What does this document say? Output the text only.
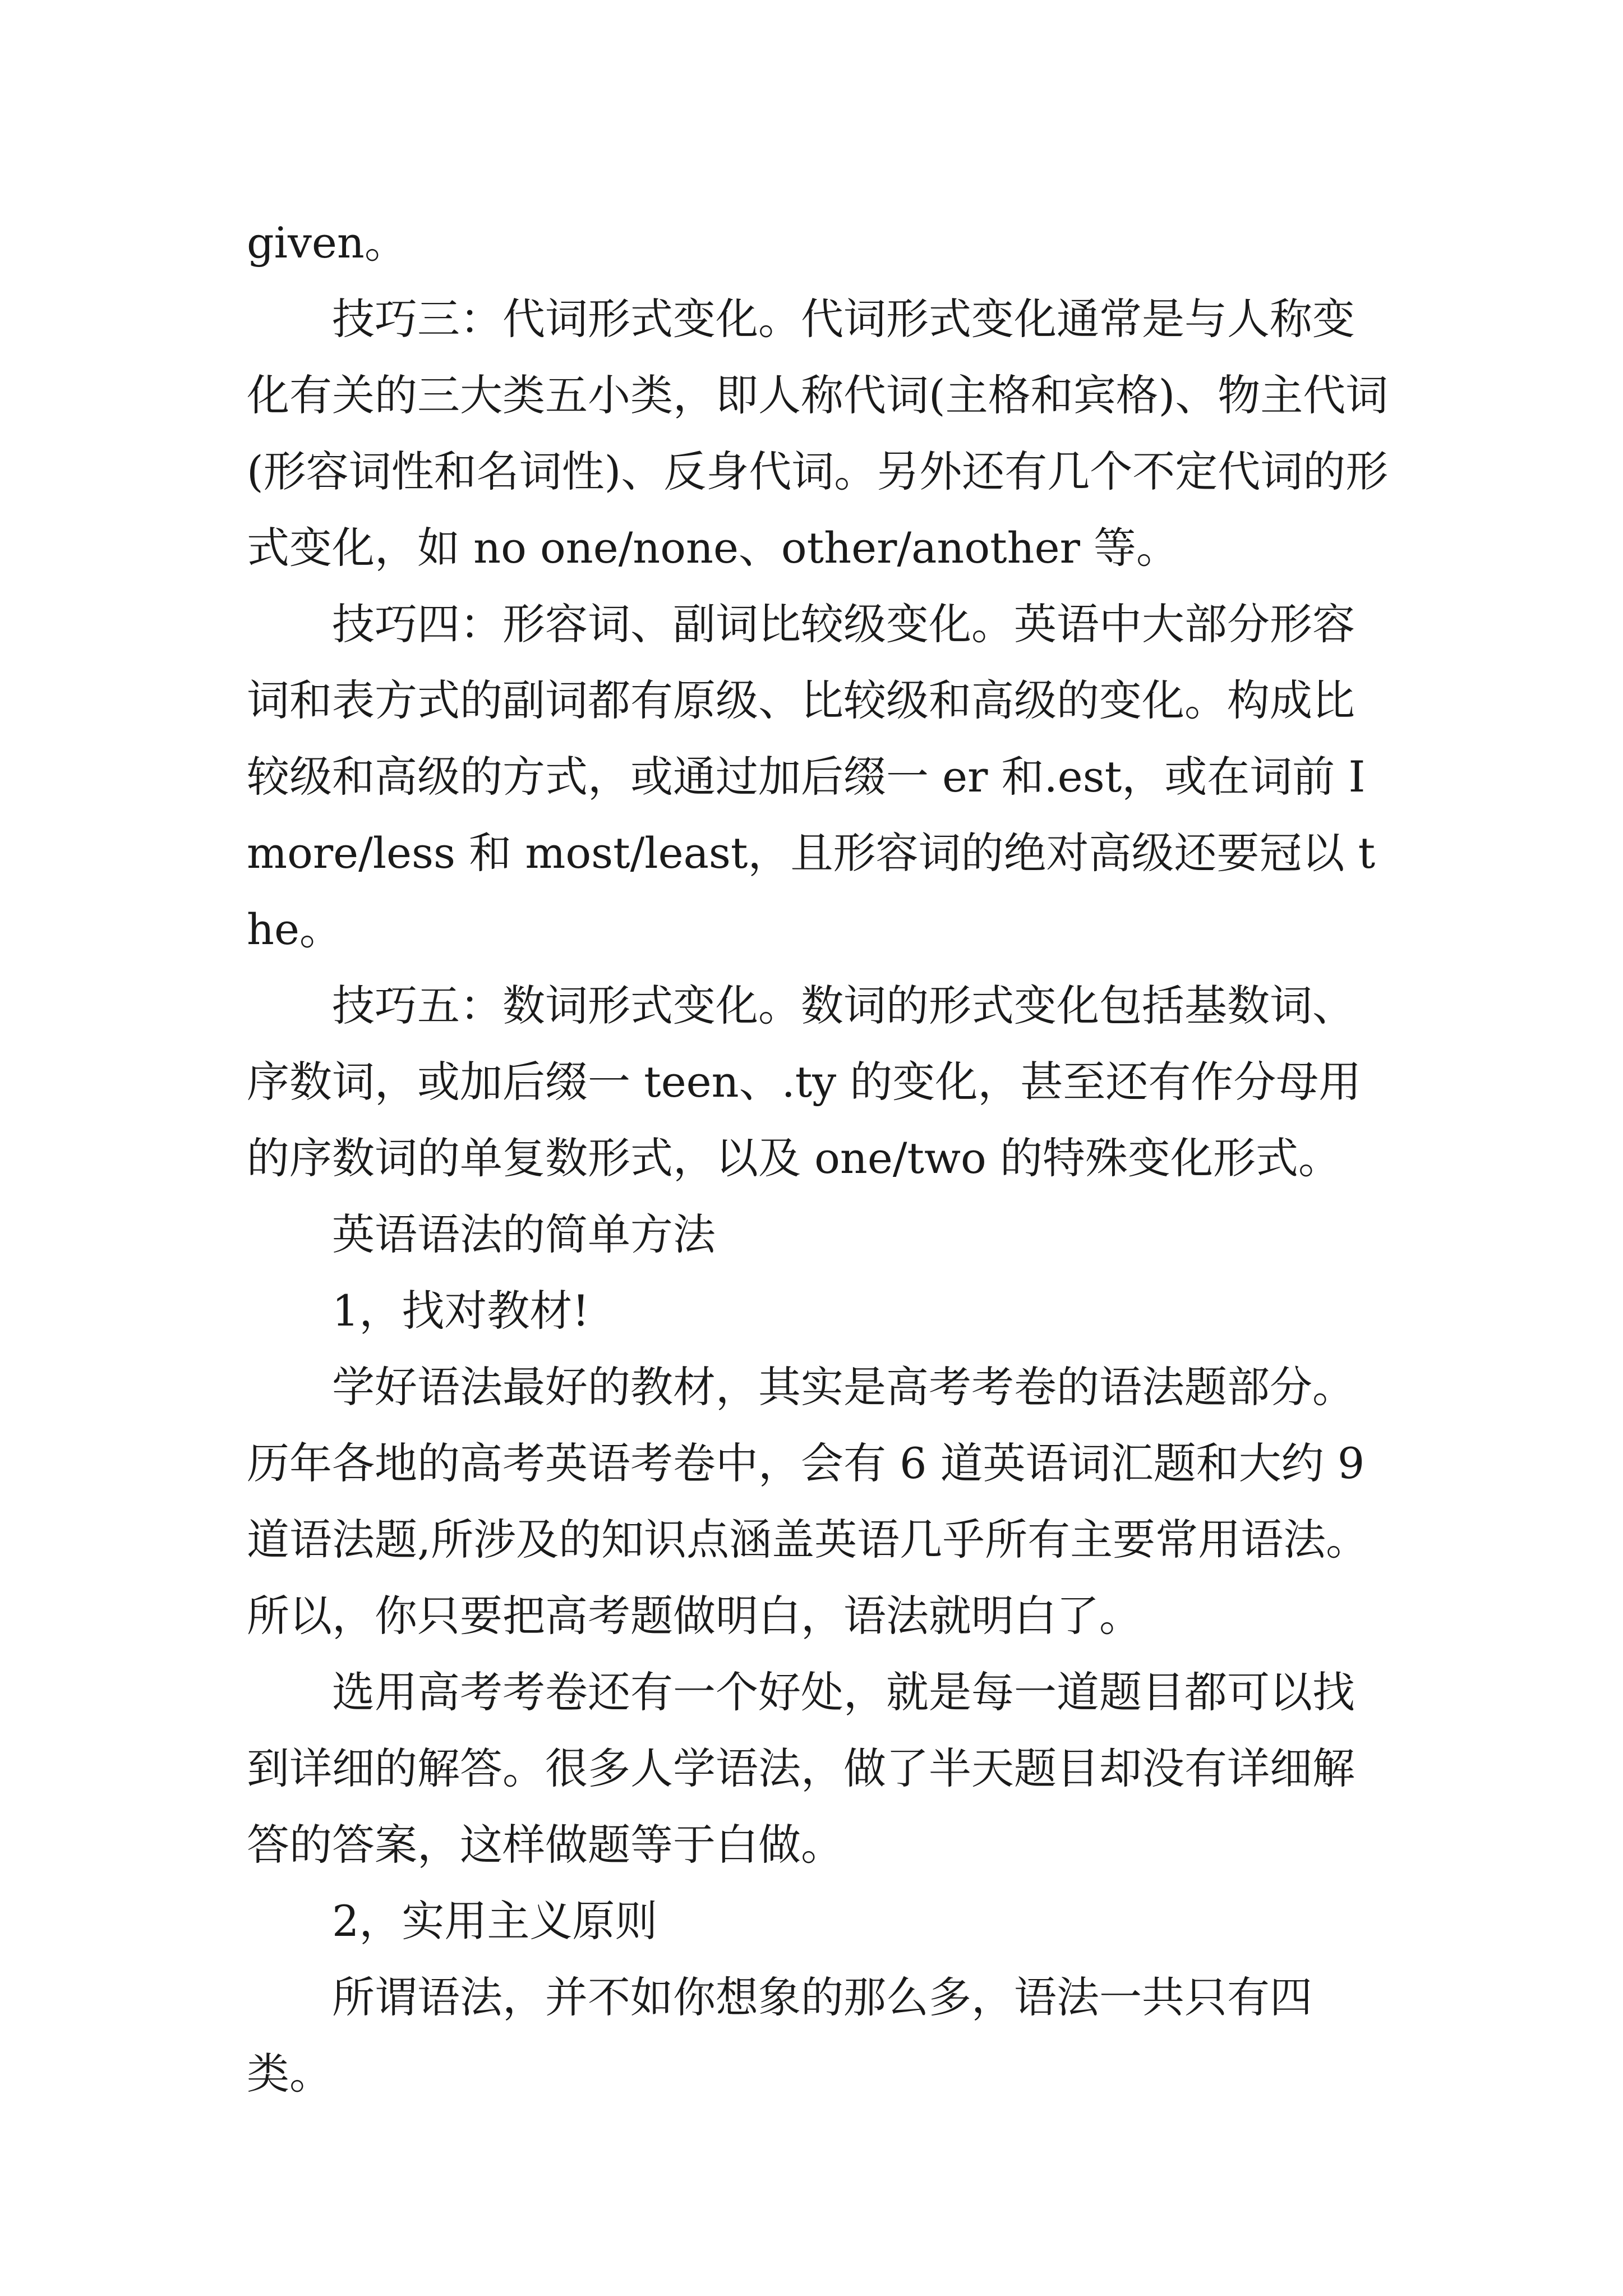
given。

技巧三：代词形式变化。代词形式变化通常是与人称变化有关的三大类五小类，即人称代词(主格和宾格)、物主代词(形容词性和名词性)、反身代词。另外还有几个不定代词的形式变化，如 no one/none、other/another 等。

技巧四：形容词、副词比较级变化。英语中大部分形容词和表方式的副词都有原级、比较级和高级的变化。构成比较级和高级的方式，或通过加后缀一 er 和.est，或在词前 Imore/less 和 most/least，且形容词的绝对高级还要冠以 the。

技巧五：数词形式变化。数词的形式变化包括基数词、序数词，或加后缀一 teen、.ty 的变化，甚至还有作分母用的序数词的单复数形式，以及 one/two 的特殊变化形式。

英语语法的简单方法

1，找对教材!

学好语法最好的教材，其实是高考考卷的语法题部分。历年各地的高考英语考卷中，会有 6 道英语词汇题和大约 9 道语法题,所涉及的知识点涵盖英语几乎所有主要常用语法。所以，你只要把高考题做明白，语法就明白了。

选用高考考卷还有一个好处，就是每一道题目都可以找到详细的解答。很多人学语法，做了半天题目却没有详细解答的答案，这样做题等于白做。

2，实用主义原则

所谓语法，并不如你想象的那么多，语法一共只有四类。
